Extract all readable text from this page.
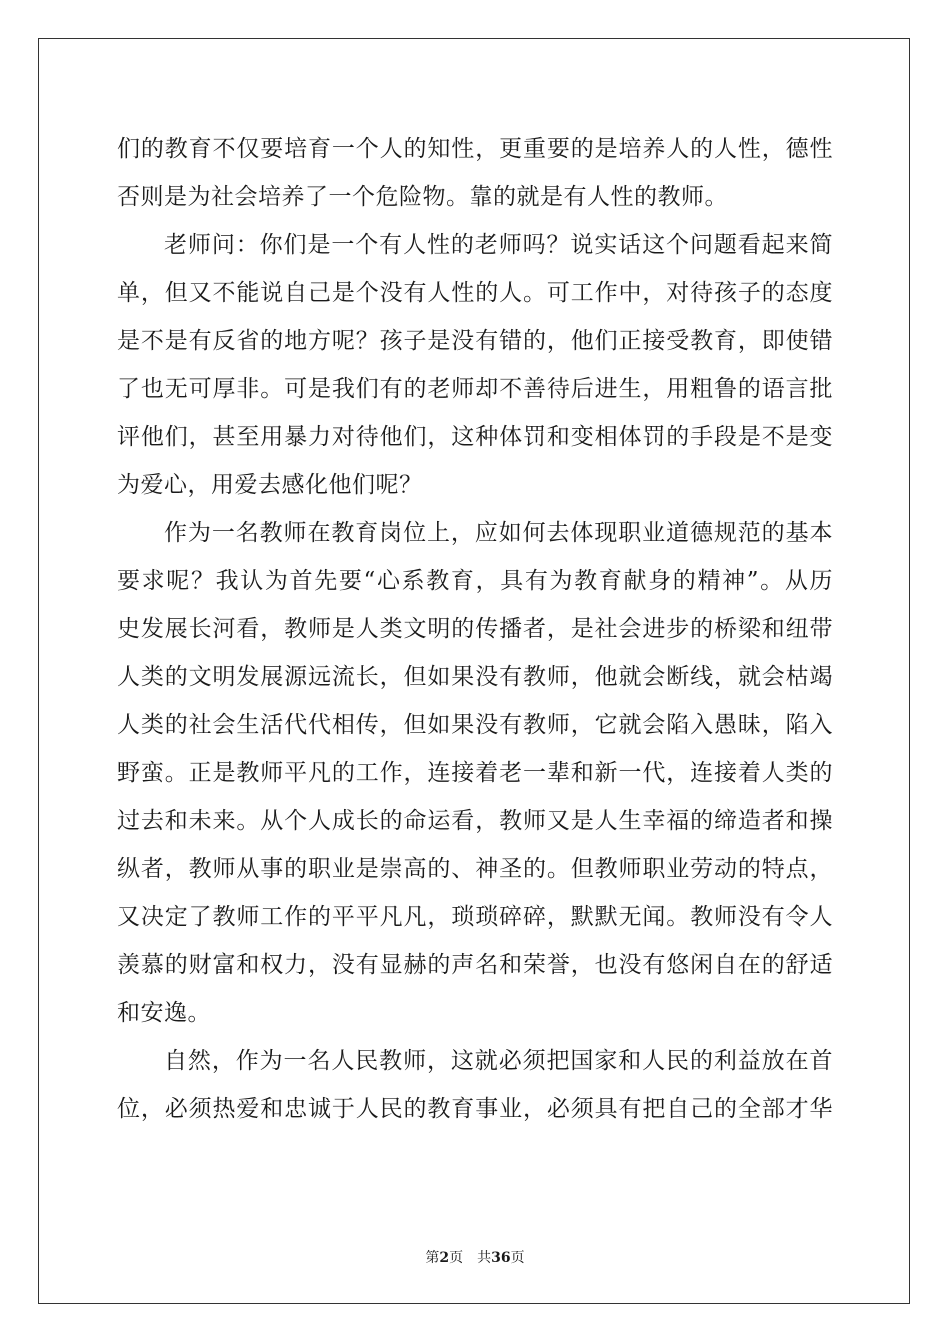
们的教育不仅要培育一个人的知性，更重要的是培养人的人性，德性
否则是为社会培养了一个危险物。靠的就是有人性的教师。
老师问：你们是一个有人性的老师吗？说实话这个问题看起来简
单，但又不能说自己是个没有人性的人。可工作中，对待孩子的态度
是不是有反省的地方呢？孩子是没有错的，他们正接受教育，即使错
了也无可厚非。可是我们有的老师却不善待后进生，用粗鲁的语言批
评他们，甚至用暴力对待他们，这种体罚和变相体罚的手段是不是变
为爱心，用爱去感化他们呢？
作为一名教师在教育岗位上，应如何去体现职业道德规范的基本
要求呢？我认为首先要“心系教育，具有为教育献身的精神”。从历
史发展长河看，教师是人类文明的传播者，是社会进步的桥梁和纽带
人类的文明发展源远流长，但如果没有教师，他就会断线，就会枯竭
人类的社会生活代代相传，但如果没有教师，它就会陷入愚昧，陷入
野蛮。正是教师平凡的工作，连接着老一辈和新一代，连接着人类的
过去和未来。从个人成长的命运看，教师又是人生幸福的缔造者和操
纵者，教师从事的职业是崇高的、神圣的。但教师职业劳动的特点，
又决定了教师工作的平平凡凡，琐琐碎碎，默默无闻。教师没有令人
羡慕的财富和权力，没有显赫的声名和荣誉，也没有悠闲自在的舒适
和安逸。
自然，作为一名人民教师，这就必须把国家和人民的利益放在首
位，必须热爱和忠诚于人民的教育事业，必须具有把自己的全部才华
第2页 共36页
